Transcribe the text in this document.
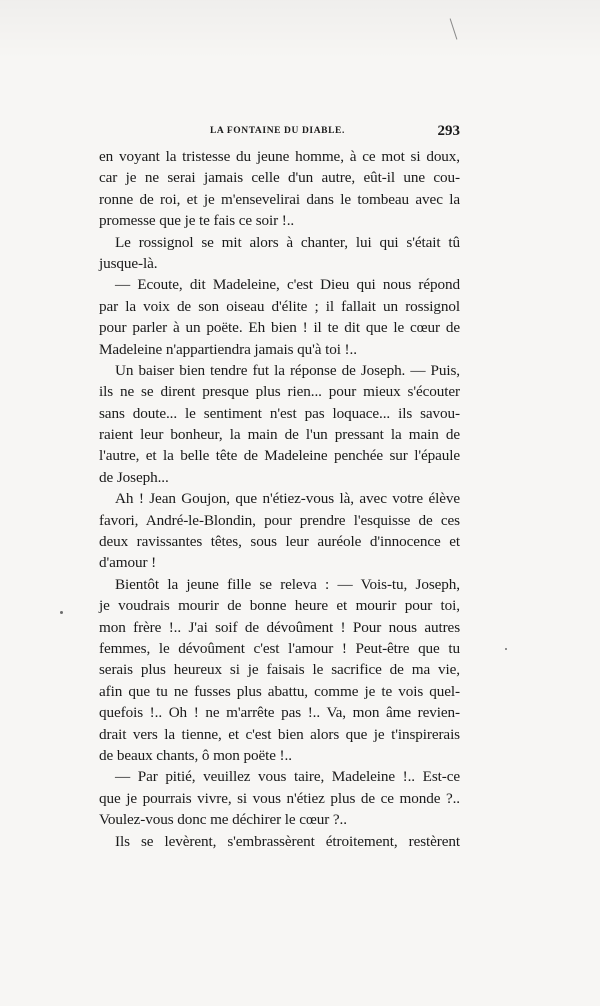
LA FONTAINE DU DIABLE.	293
en voyant la tristesse du jeune homme, à ce mot si doux,
car je ne serai jamais celle d'un autre, eût-il une cou-
ronne de roi, et je m'ensevelirai dans le tombeau avec la
promesse que je te fais ce soir !..
Le rossignol se mit alors à chanter, lui qui s'était tû
jusque-là.
— Ecoute, dit Madeleine, c'est Dieu qui nous répond
par la voix de son oiseau d'élite ; il fallait un rossignol
pour parler à un poëte. Eh bien ! il te dit que le cœur de
Madeleine n'appartiendra jamais qu'à toi !..
Un baiser bien tendre fut la réponse de Joseph. — Puis,
ils ne se dirent presque plus rien... pour mieux s'écouter
sans doute... le sentiment n'est pas loquace... ils savou-
raient leur bonheur, la main de l'un pressant la main de
l'autre, et la belle tête de Madeleine penchée sur l'épaule
de Joseph...
Ah ! Jean Goujon, que n'étiez-vous là, avec votre élève
favori, André-le-Blondin, pour prendre l'esquisse de ces
deux ravissantes têtes, sous leur auréole d'innocence et
d'amour !
Bientôt la jeune fille se releva : — Vois-tu, Joseph,
je voudrais mourir de bonne heure et mourir pour toi,
mon frère !.. J'ai soif de dévoûment ! Pour nous autres
femmes, le dévoûment c'est l'amour ! Peut-être que tu
serais plus heureux si je faisais le sacrifice de ma vie,
afin que tu ne fusses plus abattu, comme je te vois quel-
quefois !.. Oh ! ne m'arrête pas !.. Va, mon âme revien-
drait vers la tienne, et c'est bien alors que je t'inspirerais
de beaux chants, ô mon poëte !..
— Par pitié, veuillez vous taire, Madeleine !.. Est-ce
que je pourrais vivre, si vous n'étiez plus de ce monde ?..
Voulez-vous donc me déchirer le cœur ?..
Ils se levèrent, s'embrassèrent étroitement, restèrent
